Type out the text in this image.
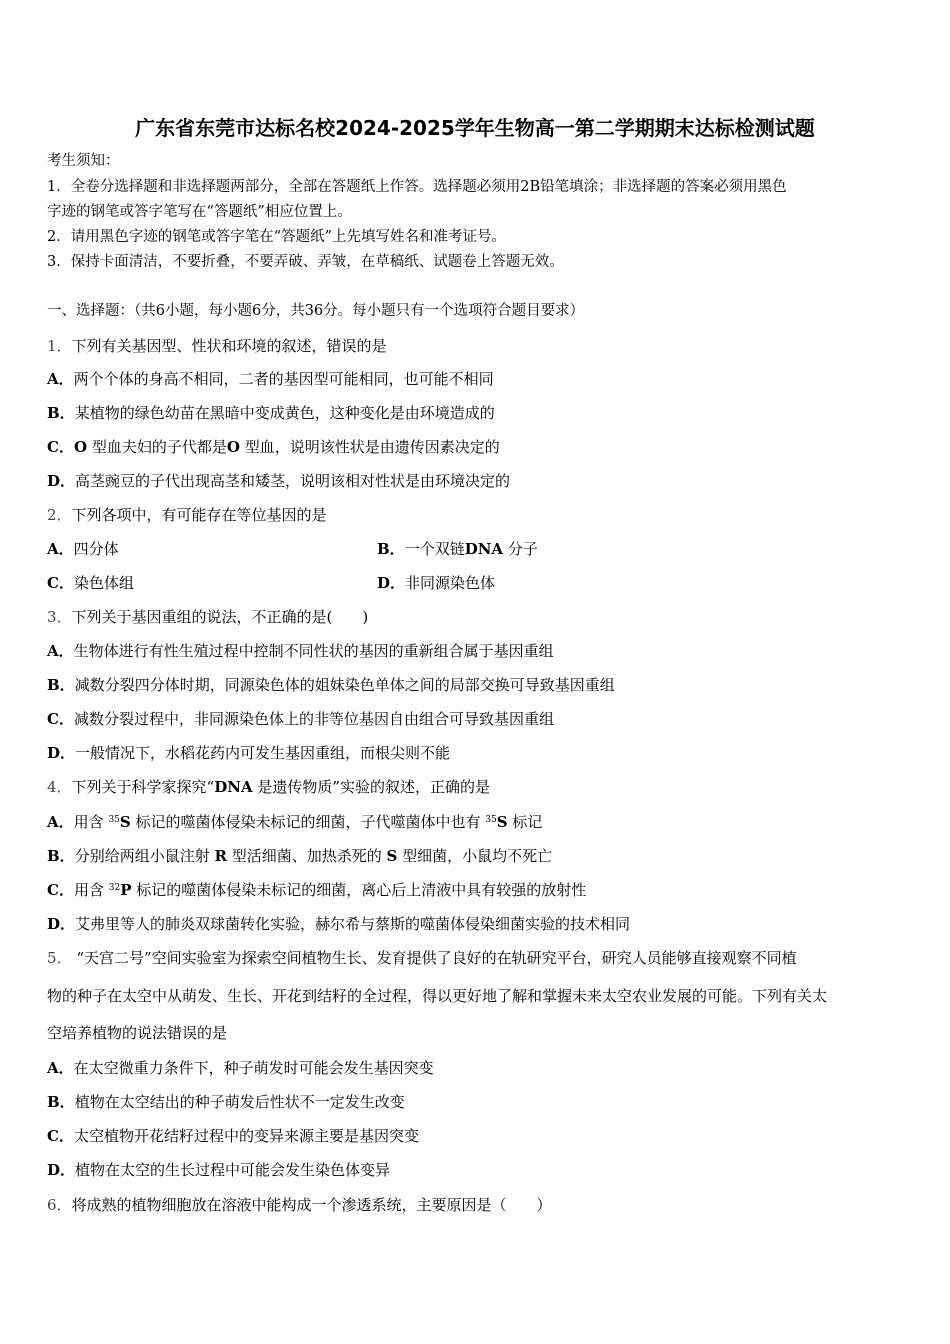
广东省东莞市达标名校2024-2025学年生物高一第二学期期末达标检测试题
考生须知：
1．全卷分选择题和非选择题两部分，全部在答题纸上作答。选择题必须用2B铅笔填涂；非选择题的答案必须用黑色
字迹的钢笔或答字笔写在“答题纸”相应位置上。
2．请用黑色字迹的钢笔或答字笔在“答题纸”上先填写姓名和准考证号。
3．保持卡面清洁，不要折叠，不要弄破、弄皱，在草稿纸、试题卷上答题无效。
一、选择题：（共6小题，每小题6分，共36分。每小题只有一个选项符合题目要求）
1．下列有关基因型、性状和环境的叙述，错误的是
A．两个个体的身高不相同，二者的基因型可能相同，也可能不相同
B．某植物的绿色幼苗在黑暗中变成黄色，这种变化是由环境造成的
C．O 型血夫妇的子代都是O 型血，说明该性状是由遗传因素决定的
D．高茎豌豆的子代出现高茎和矮茎，说明该相对性状是由环境决定的
2．下列各项中，有可能存在等位基因的是
A．四分体	B．一个双链DNA 分子
C．染色体组	D．非同源染色体
3．下列关于基因重组的说法，不正确的是(　　)
A．生物体进行有性生殖过程中控制不同性状的基因的重新组合属于基因重组
B．减数分裂四分体时期，同源染色体的姐妹染色单体之间的局部交换可导致基因重组
C．减数分裂过程中，非同源染色体上的非等位基因自由组合可导致基因重组
D．一般情况下，水稻花药内可发生基因重组，而根尖则不能
4．下列关于科学家探究“DNA 是遗传物质”实验的叙述，正确的是
A．用含 $^{35}$S 标记的噬菌体侵染未标记的细菌，子代噬菌体中也有 $^{35}$S 标记
B．分别给两组小鼠注射 R 型活细菌、加热杀死的 S 型细菌，小鼠均不死亡
C．用含 $^{32}$P 标记的噬菌体侵染未标记的细菌，离心后上清液中具有较强的放射性
D．艾弗里等人的肺炎双球菌转化实验，赫尔希与蔡斯的噬菌体侵染细菌实验的技术相同
5． “天宫二号”空间实验室为探索空间植物生长、发育提供了良好的在轨研究平台，研究人员能够直接观察不同植
物的种子在太空中从萌发、生长、开花到结籽的全过程，得以更好地了解和掌握未来太空农业发展的可能。下列有关太
空培养植物的说法错误的是
A．在太空微重力条件下，种子萌发时可能会发生基因突变
B．植物在太空结出的种子萌发后性状不一定发生改变
C．太空植物开花结籽过程中的变异来源主要是基因突变
D．植物在太空的生长过程中可能会发生染色体变异
6．将成熟的植物细胞放在溶液中能构成一个渗透系统，主要原因是（　　）
